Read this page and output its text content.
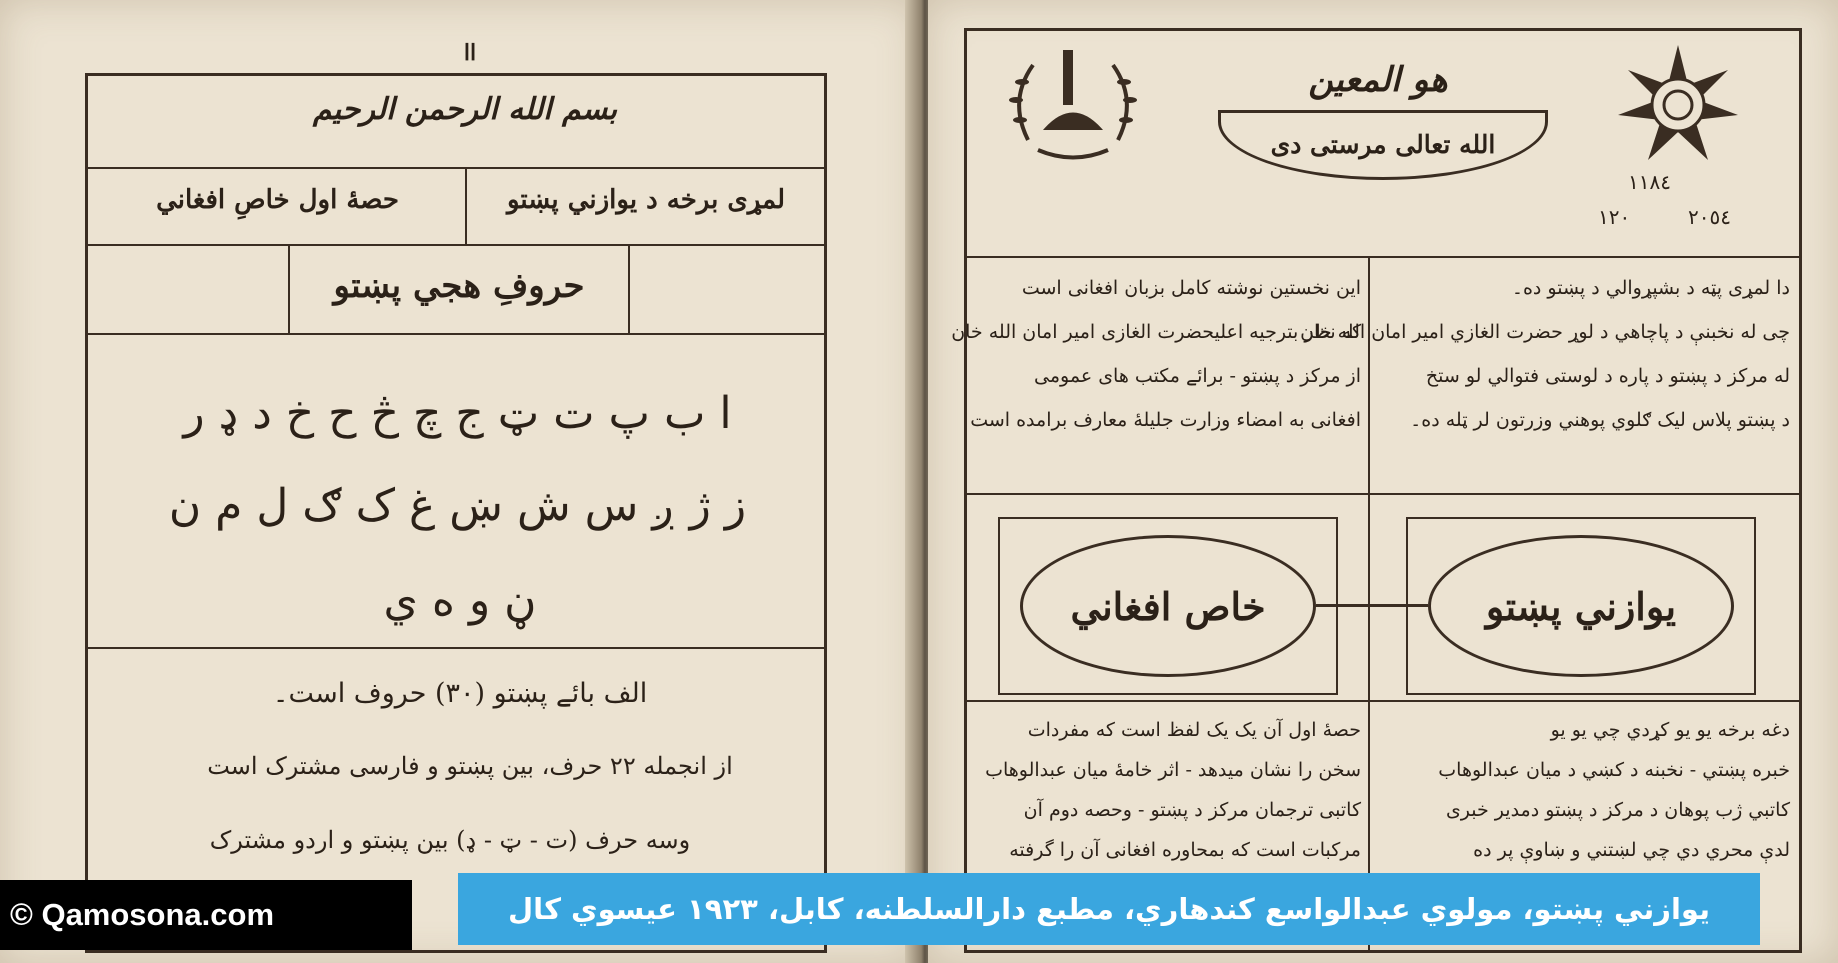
اا
بسم الله الرحمن الرحيم
لمړی برخه د يوازني پښتو
حصهٔ اول خاصِ افغاني
حروفِ هجي پښتو
ا ب پ ت ټ ج چ څ ح خ د ډ ر
ز ژ ږ س ش ښ غ ک ګ ل م ن
ڼ و ه ي
الف بائے پښتو (٣٠) حروف است۔
از انجمله ٢٢ حرف، بین پښتو و فارسی مشترک است
وسه حرف (ت - ټ - ډ) بین پښتو و اردو مشترک
هو المعين
الله تعالی مرستی دی
١١٨٤
٢٠٥٤
١٢٠
دا لمړی پټه د بشپړوالي د پښتو ده۔
چی له نخبنې د پاچاهي د لوړ حضرت الغازي امیر امان الله خان
له مرکز د پښتو د پاره د لوستی فتوالي لو ستخ
د پښتو پلاس لیک ګلوي پوهني وزرتون لر ټله ده۔
این نخستین نوشته کامل بزبان افغانی است
که نظر بترجیه اعلیحضرت الغازی امیر امان الله خان
از مرکز د پښتو - برائے مکتب های عمومی
افغانی به امضاء وزارت جلیلهٔ معارف برامده است
يوازني پښتو
خاص افغاني
دغه برخه يو يو کړدي چي يو يو
خبره پښتي - نخبنه د کښي د ميان عبدالوهاب
کاتبي ژب پوهان د مرکز د پښتو دمدير خبری
لدې محري دي چي لښتني و ښاوې پر ده
حصهٔ اول آن یک یک لفظ است که مفردات
سخن را نشان میدهد - اثر خامهٔ میان عبدالوهاب
کاتبی ترجمان مرکز د پښتو - وحصه دوم آن
مرکبات است که بمحاوره افغانی آن را گرفته
© Qamosona.com	يوازني پښتو، مولوي عبدالواسع کندهاري، مطبع دارالسلطنه، کابل، ۱۹۲۳ عيسوي کال
